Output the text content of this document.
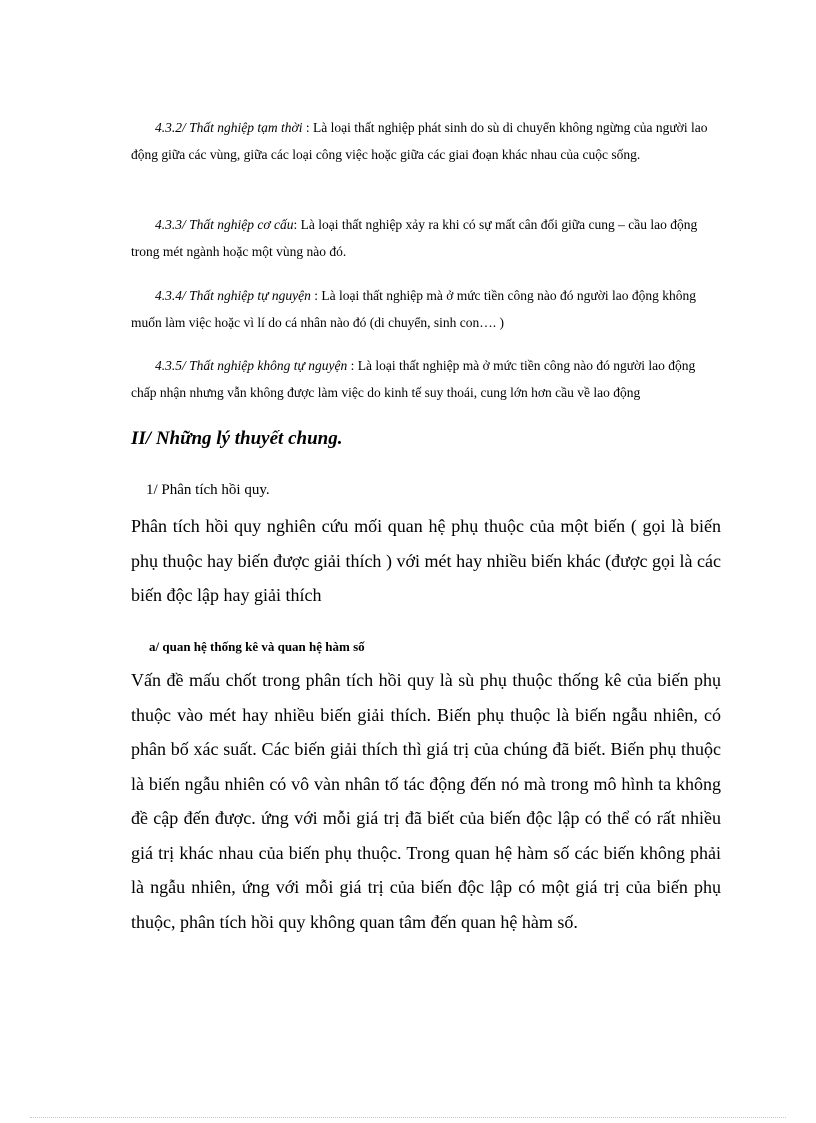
4.3.2/ Thất nghiệp tạm thời : Là loại thất nghiệp phát sinh do sù di chuyển không ngừng của người lao động giữa các vùng, giữa các loại công việc hoặc giữa các giai đoạn khác nhau của cuộc sống.

4.3.3/ Thất nghiệp cơ cấu: Là loại thất nghiệp xảy ra khi có sự mất cân đối giữa cung – cầu lao động trong mét ngành hoặc một vùng nào đó.

4.3.4/ Thất nghiệp tự nguyện : Là loại thất nghiệp mà ở mức tiền công nào đó người lao động không muốn làm việc hoặc vì lí do cá nhân nào đó (di chuyển, sinh con…. )

4.3.5/ Thất nghiệp không tự nguyện : Là loại thất nghiệp mà ở mức tiền công nào đó người lao động chấp nhận nhưng vẫn không được làm việc do kinh tế suy thoái, cung lớn hơn cầu về lao động

II/ Những lý thuyết chung.
1/ Phân tích hồi quy.

Phân tích hồi quy nghiên cứu mối quan hệ phụ thuộc của một biến ( gọi là biến phụ thuộc hay biến được giải thích ) với mét hay nhiều biến khác (được gọi là các biến độc lập hay giải thích

a/ quan hệ thống kê và quan hệ hàm số

Vấn đề mấu chốt trong phân tích hồi quy là sù phụ thuộc thống kê của biến phụ thuộc vào mét hay nhiều biến giải thích. Biến phụ thuộc là biến ngẫu nhiên, có phân bố xác suất. Các biến giải thích thì giá trị của chúng đã biết. Biến phụ thuộc là biến ngẫu nhiên có vô vàn nhân tố tác động đến nó mà trong mô hình ta không đề cập đến được. ứng với mỗi giá trị đã biết của biến độc lập có thể có rất nhiều giá trị khác nhau của biến phụ thuộc. Trong quan hệ hàm số các biến không phải là ngẫu nhiên, ứng với mỗi giá trị của biến độc lập có một giá trị của biến phụ thuộc, phân tích hồi quy không quan tâm đến quan hệ hàm số.
